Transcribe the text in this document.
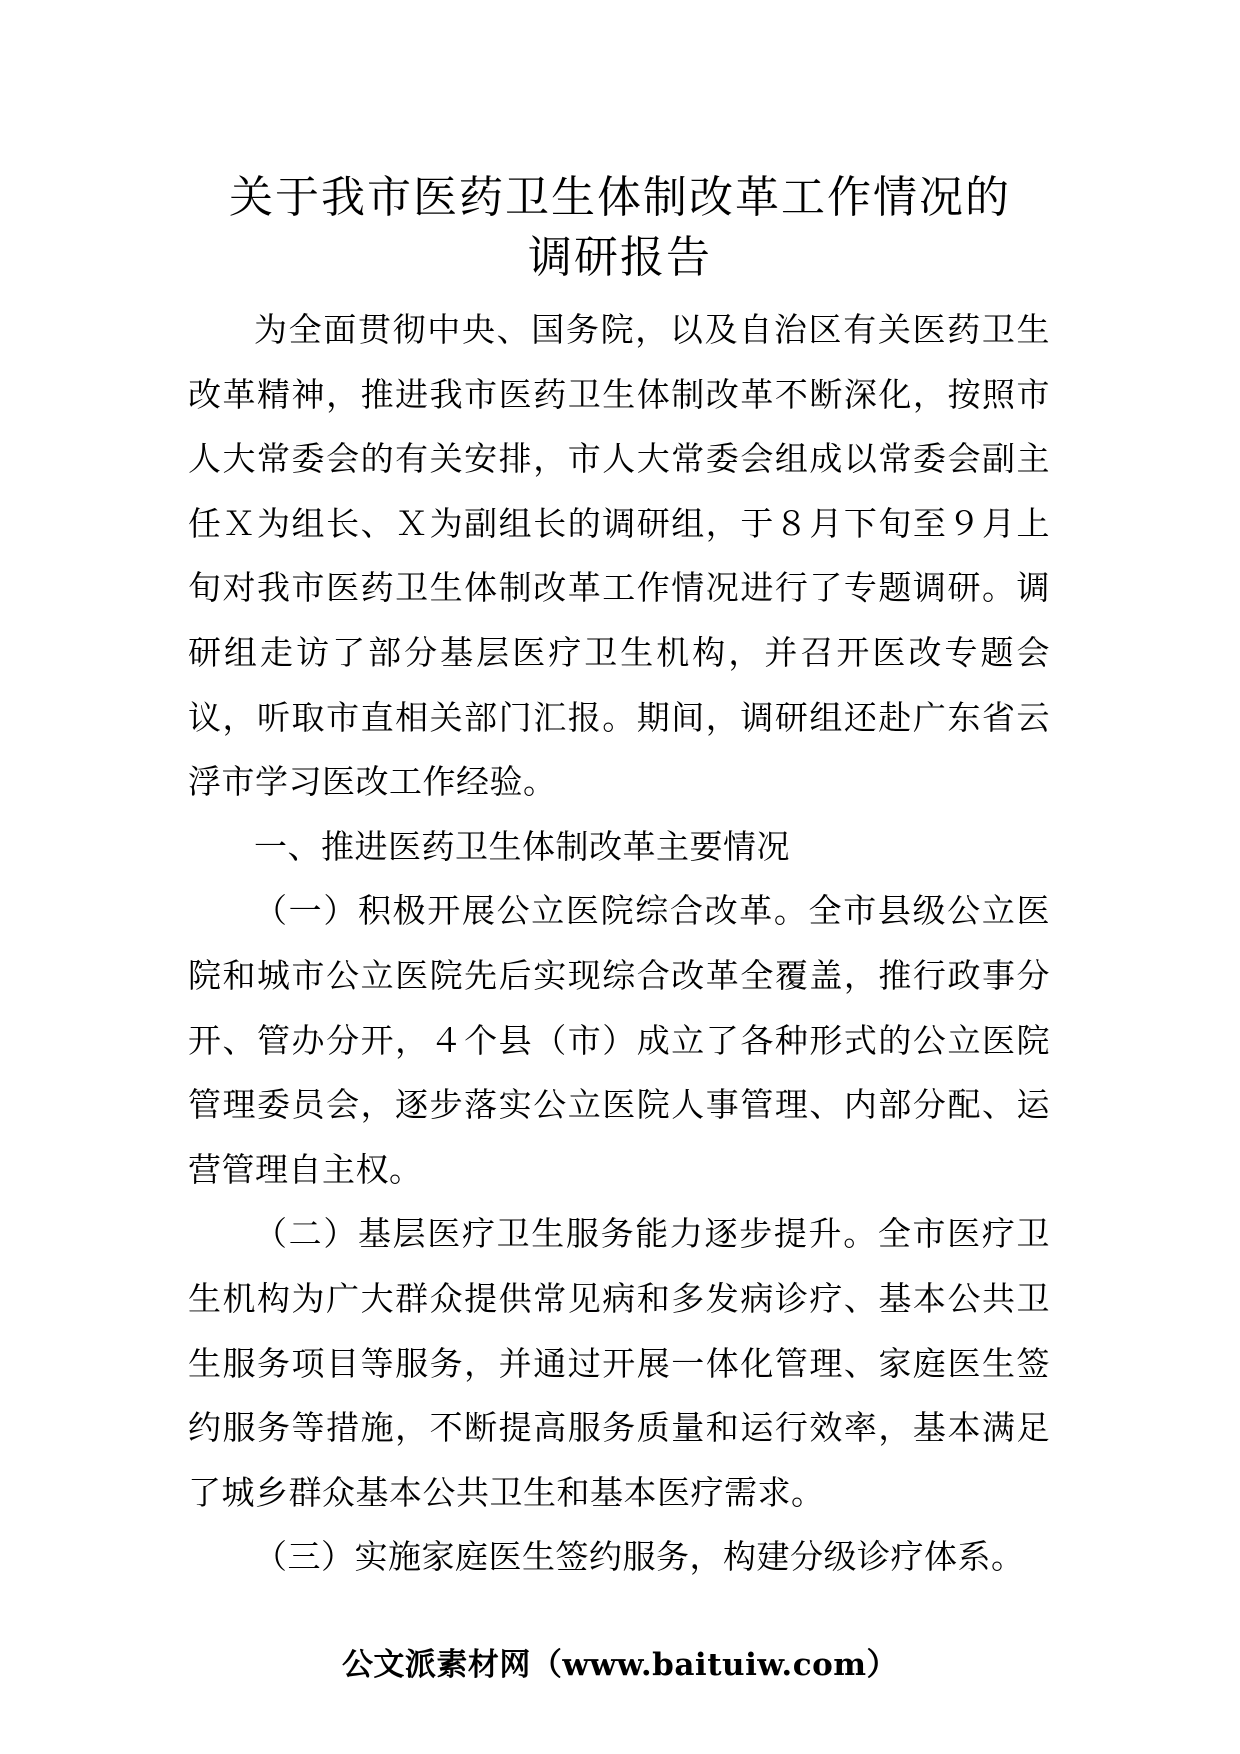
关于我市医药卫生体制改革工作情况的
调研报告

为全面贯彻中央、国务院，以及自治区有关医药卫生改革精神，推进我市医药卫生体制改革不断深化，按照市人大常委会的有关安排，市人大常委会组成以常委会副主任Ｘ为组长、Ｘ为副组长的调研组，于８月下旬至９月上旬对我市医药卫生体制改革工作情况进行了专题调研。调研组走访了部分基层医疗卫生机构，并召开医改专题会议，听取市直相关部门汇报。期间，调研组还赴广东省云浮市学习医改工作经验。

一、推进医药卫生体制改革主要情况

（一）积极开展公立医院综合改革。全市县级公立医院和城市公立医院先后实现综合改革全覆盖，推行政事分开、管办分开，４个县（市）成立了各种形式的公立医院管理委员会，逐步落实公立医院人事管理、内部分配、运营管理自主权。

（二）基层医疗卫生服务能力逐步提升。全市医疗卫生机构为广大群众提供常见病和多发病诊疗、基本公共卫生服务项目等服务，并通过开展一体化管理、家庭医生签约服务等措施，不断提高服务质量和运行效率，基本满足了城乡群众基本公共卫生和基本医疗需求。

（三）实施家庭医生签约服务，构建分级诊疗体系。

公文派素材网（www.baituiw.com）
